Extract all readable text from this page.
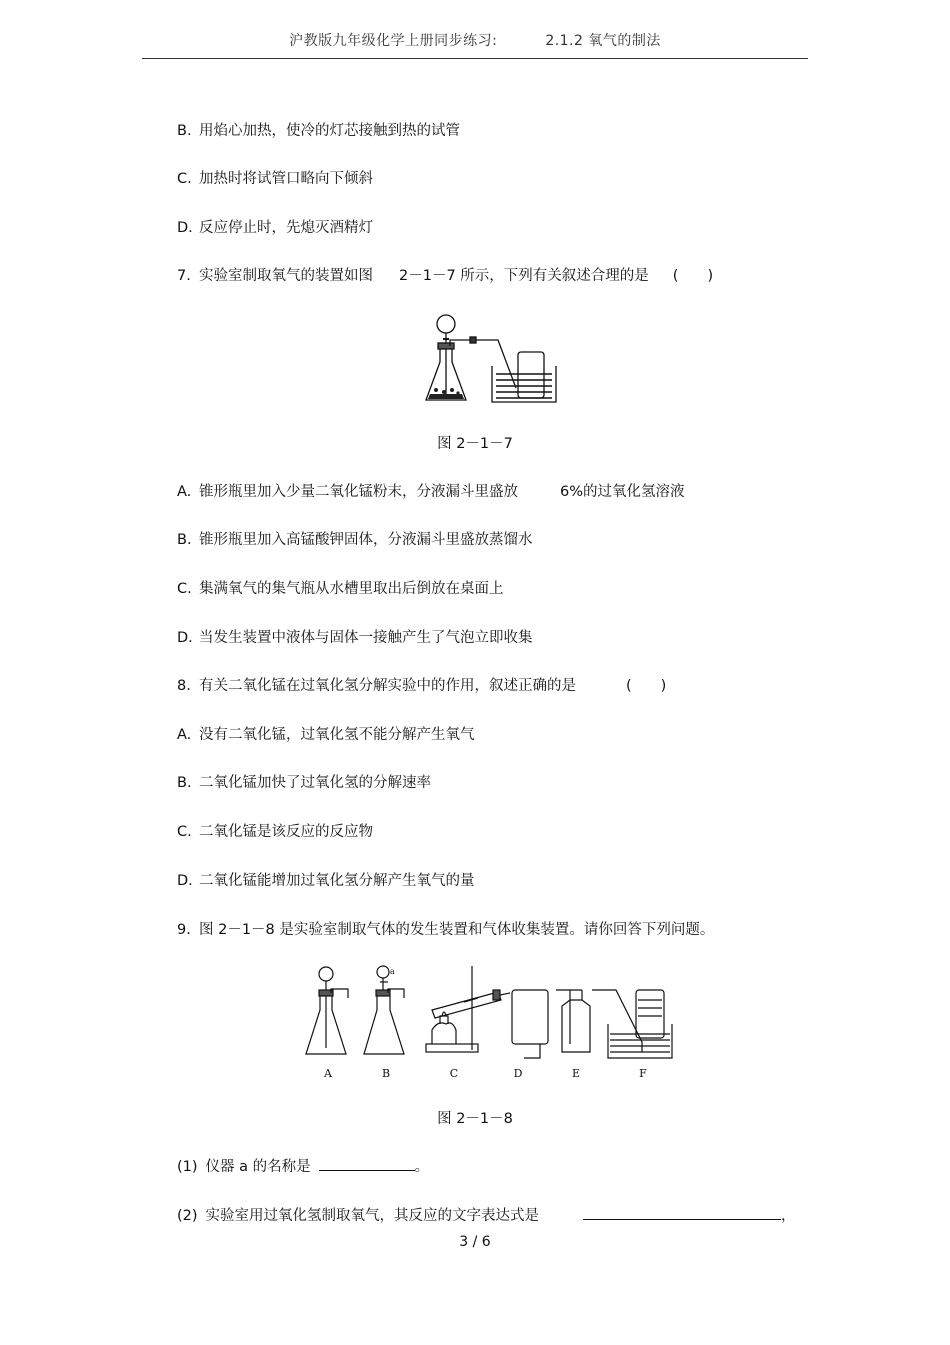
沪教版九年级化学上册同步练习:	2.1.2 氧气的制法
B. 用焰心加热，使冷的灯芯接触到热的试管
C. 加热时将试管口略向下倾斜
D. 反应停止时，先熄灭酒精灯
7. 实验室制取氧气的装置如图 2－1－7 所示，下列有关叙述合理的是 (　　)
图 2－1－7
A. 锥形瓶里加入少量二氧化锰粉末，分液漏斗里盛放	6%的过氧化氢溶液
B. 锥形瓶里加入高锰酸钾固体，分液漏斗里盛放蒸馏水
C. 集满氧气的集气瓶从水槽里取出后倒放在桌面上
D. 当发生装置中液体与固体一接触产生了气泡立即收集
8. 有关二氧化锰在过氧化氢分解实验中的作用，叙述正确的是	(　　)
A. 没有二氧化锰，过氧化氢不能分解产生氧气
B. 二氧化锰加快了过氧化氢的分解速率
C. 二氧化锰是该反应的反应物
D. 二氧化锰能增加过氧化氢分解产生氧气的量
9. 图 2－1－8 是实验室制取气体的发生装置和气体收集装置。请你回答下列问题。
a
A	B	C	D	E	F
图 2－1－8
(1) 仪器 a 的名称是	。
(2) 实验室用过氧化氢制取氧气，其反应的文字表达式是	，
3 / 6
